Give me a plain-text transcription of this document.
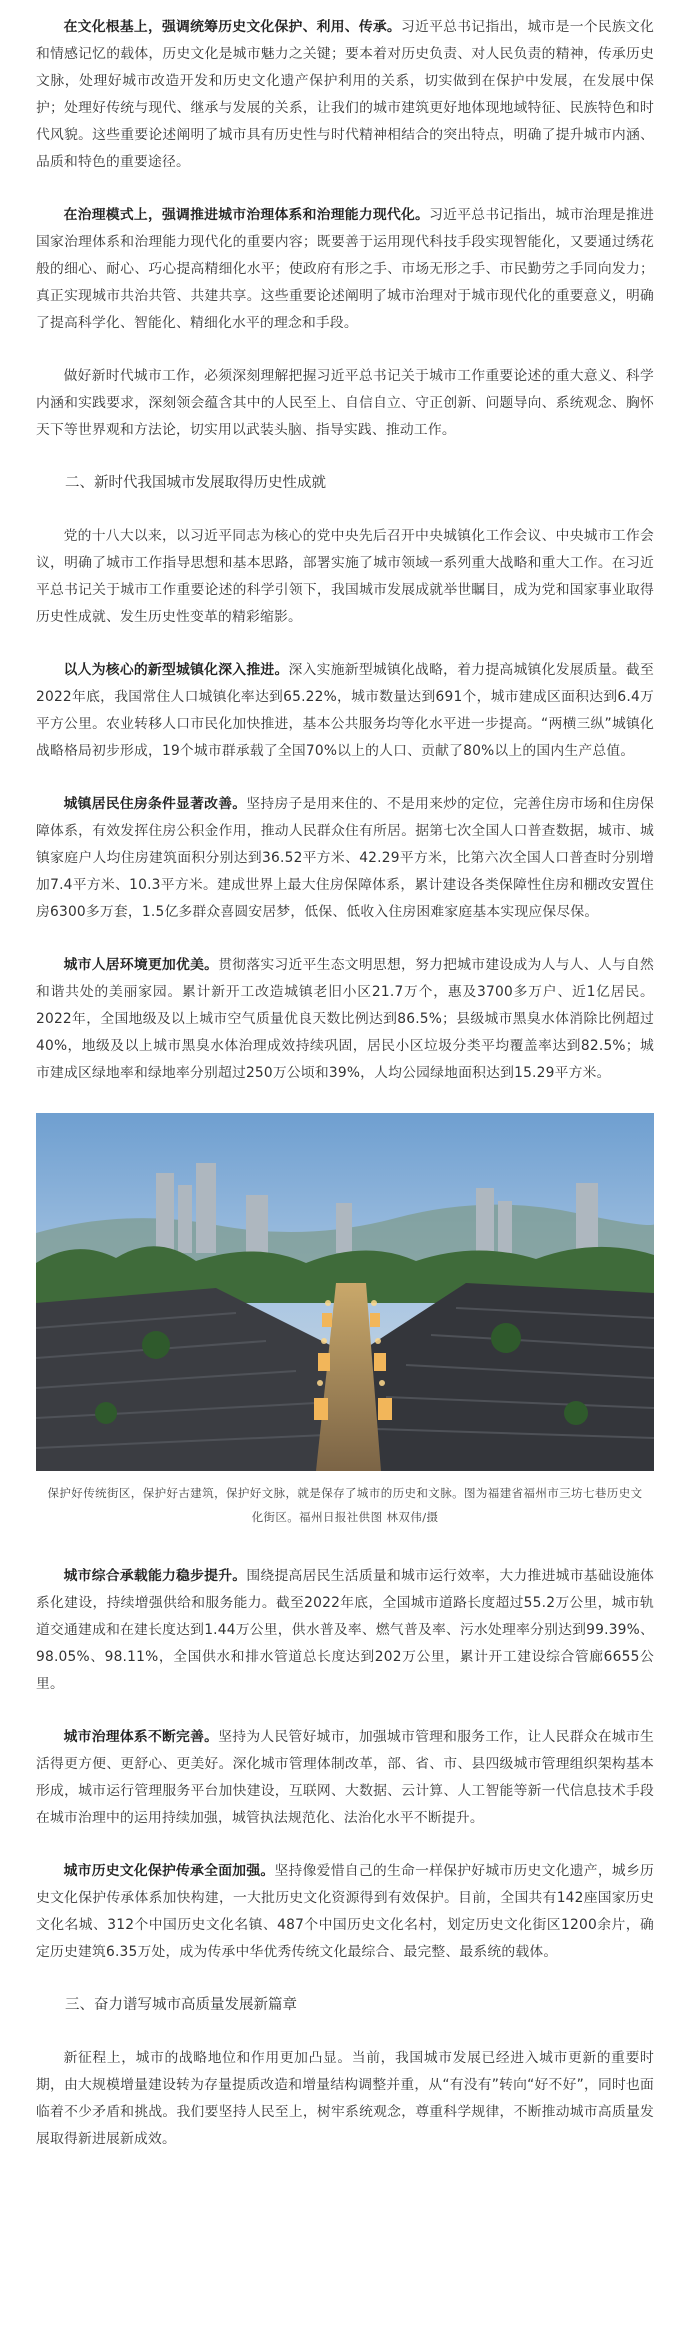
在文化根基上，强调统筹历史文化保护、利用、传承。习近平总书记指出，城市是一个民族文化和情感记忆的载体，历史文化是城市魅力之关键；要本着对历史负责、对人民负责的精神，传承历史文脉，处理好城市改造开发和历史文化遗产保护利用的关系，切实做到在保护中发展，在发展中保护；处理好传统与现代、继承与发展的关系，让我们的城市建筑更好地体现地域特征、民族特色和时代风貌。这些重要论述阐明了城市具有历史性与时代精神相结合的突出特点，明确了提升城市内涵、品质和特色的重要途径。

在治理模式上，强调推进城市治理体系和治理能力现代化。习近平总书记指出，城市治理是推进国家治理体系和治理能力现代化的重要内容；既要善于运用现代科技手段实现智能化，又要通过绣花般的细心、耐心、巧心提高精细化水平；使政府有形之手、市场无形之手、市民勤劳之手同向发力；真正实现城市共治共管、共建共享。这些重要论述阐明了城市治理对于城市现代化的重要意义，明确了提高科学化、智能化、精细化水平的理念和手段。

做好新时代城市工作，必须深刻理解把握习近平总书记关于城市工作重要论述的重大意义、科学内涵和实践要求，深刻领会蕴含其中的人民至上、自信自立、守正创新、问题导向、系统观念、胸怀天下等世界观和方法论，切实用以武装头脑、指导实践、推动工作。

二、新时代我国城市发展取得历史性成就

党的十八大以来，以习近平同志为核心的党中央先后召开中央城镇化工作会议、中央城市工作会议，明确了城市工作指导思想和基本思路，部署实施了城市领域一系列重大战略和重大工作。在习近平总书记关于城市工作重要论述的科学引领下，我国城市发展成就举世瞩目，成为党和国家事业取得历史性成就、发生历史性变革的精彩缩影。

以人为核心的新型城镇化深入推进。深入实施新型城镇化战略，着力提高城镇化发展质量。截至2022年底，我国常住人口城镇化率达到65.22%，城市数量达到691个，城市建成区面积达到6.4万平方公里。农业转移人口市民化加快推进，基本公共服务均等化水平进一步提高。“两横三纵”城镇化战略格局初步形成，19个城市群承载了全国70%以上的人口、贡献了80%以上的国内生产总值。

城镇居民住房条件显著改善。坚持房子是用来住的、不是用来炒的定位，完善住房市场和住房保障体系，有效发挥住房公积金作用，推动人民群众住有所居。据第七次全国人口普查数据，城市、城镇家庭户人均住房建筑面积分别达到36.52平方米、42.29平方米，比第六次全国人口普查时分别增加7.4平方米、10.3平方米。建成世界上最大住房保障体系，累计建设各类保障性住房和棚改安置住房6300多万套，1.5亿多群众喜圆安居梦，低保、低收入住房困难家庭基本实现应保尽保。

城市人居环境更加优美。贯彻落实习近平生态文明思想，努力把城市建设成为人与人、人与自然和谐共处的美丽家园。累计新开工改造城镇老旧小区21.7万个，惠及3700多万户、近1亿居民。2022年，全国地级及以上城市空气质量优良天数比例达到86.5%；县级城市黑臭水体消除比例超过40%，地级及以上城市黑臭水体治理成效持续巩固，居民小区垃圾分类平均覆盖率达到82.5%；城市建成区绿地率和绿地率分别超过250万公顷和39%，人均公园绿地面积达到15.29平方米。

保护好传统街区，保护好古建筑，保护好文脉，就是保存了城市的历史和文脉。图为福建省福州市三坊七巷历史文化街区。福州日报社供图 林双伟/摄

城市综合承载能力稳步提升。围绕提高居民生活质量和城市运行效率，大力推进城市基础设施体系化建设，持续增强供给和服务能力。截至2022年底，全国城市道路长度超过55.2万公里，城市轨道交通建成和在建长度达到1.44万公里，供水普及率、燃气普及率、污水处理率分别达到99.39%、98.05%、98.11%，全国供水和排水管道总长度达到202万公里，累计开工建设综合管廊6655公里。

城市治理体系不断完善。坚持为人民管好城市，加强城市管理和服务工作，让人民群众在城市生活得更方便、更舒心、更美好。深化城市管理体制改革，部、省、市、县四级城市管理组织架构基本形成，城市运行管理服务平台加快建设，互联网、大数据、云计算、人工智能等新一代信息技术手段在城市治理中的运用持续加强，城管执法规范化、法治化水平不断提升。

城市历史文化保护传承全面加强。坚持像爱惜自己的生命一样保护好城市历史文化遗产，城乡历史文化保护传承体系加快构建，一大批历史文化资源得到有效保护。目前，全国共有142座国家历史文化名城、312个中国历史文化名镇、487个中国历史文化名村，划定历史文化街区1200余片，确定历史建筑6.35万处，成为传承中华优秀传统文化最综合、最完整、最系统的载体。

三、奋力谱写城市高质量发展新篇章

新征程上，城市的战略地位和作用更加凸显。当前，我国城市发展已经进入城市更新的重要时期，由大规模增量建设转为存量提质改造和增量结构调整并重，从“有没有”转向“好不好”，同时也面临着不少矛盾和挑战。我们要坚持人民至上，树牢系统观念，尊重科学规律，不断推动城市高质量发展取得新进展新成效。
